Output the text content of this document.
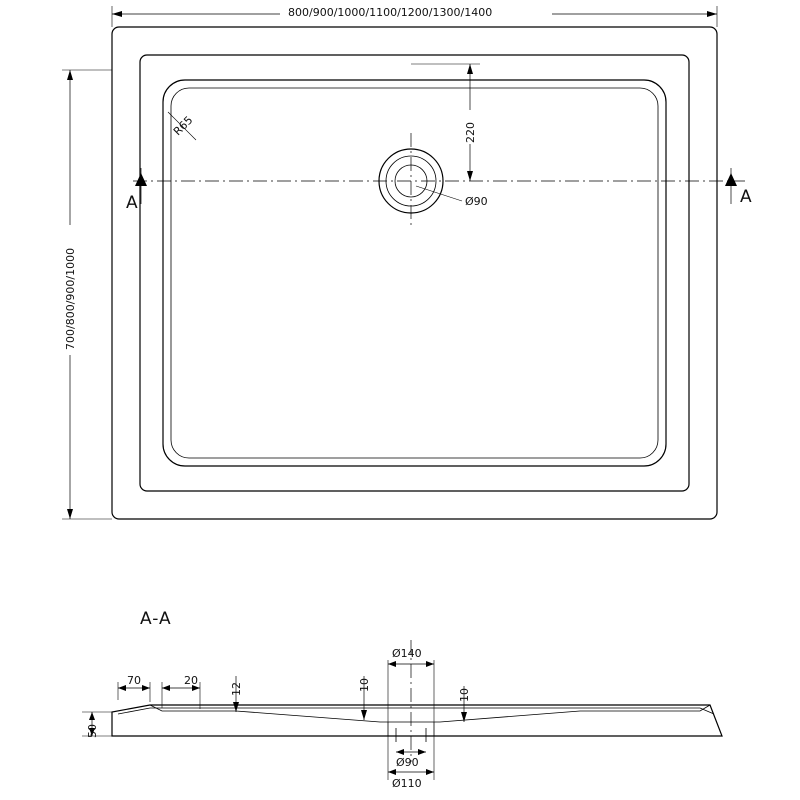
R65
Ø90
800/900/1000/1100/1200/1300/1400
700/800/900/1000
220
A	A
A-A
Ø140
Ø90
Ø110
70	20
12	10
10
50
